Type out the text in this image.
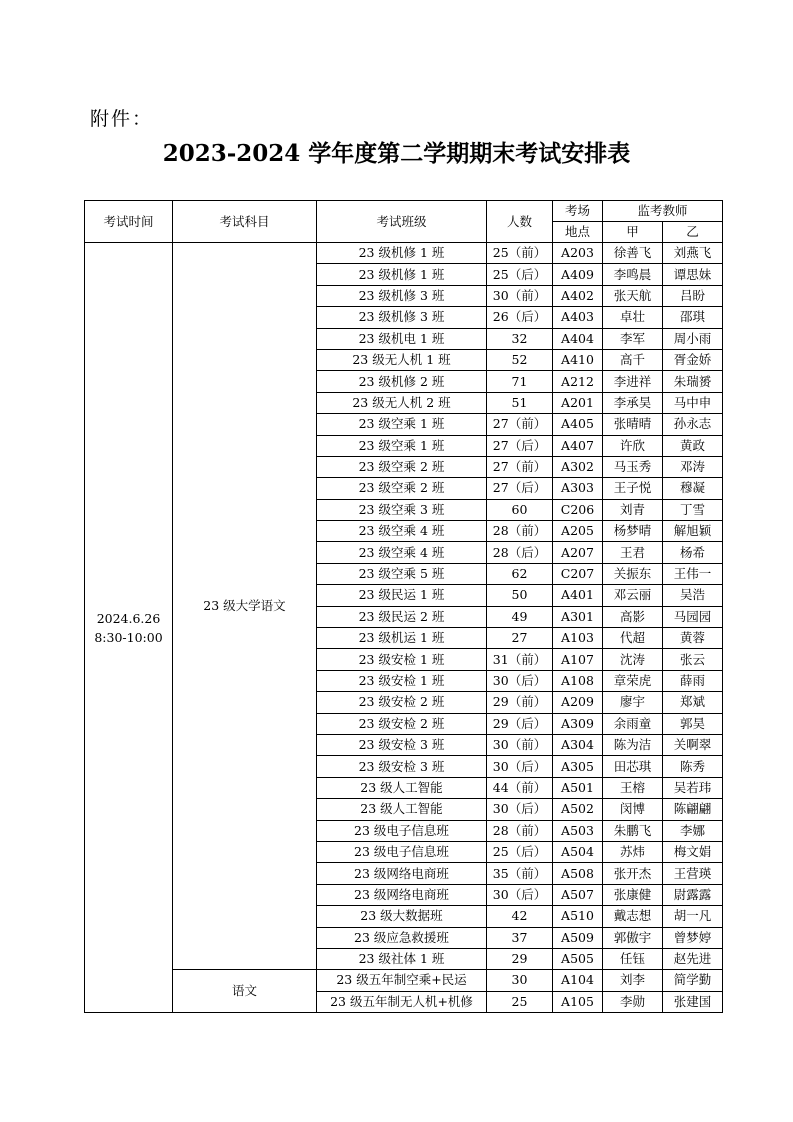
附件：
2023-2024 学年度第二学期期末考试安排表
考试时间	考试科目	考试班级	人数	考场	监考教师	
				地点	甲	乙

2024.6.26
8:30-10:00	23 级大学语文	23 级机修 1 班	25（前）	A203	徐善飞	刘燕飞
		23 级机修 1 班	25（后）	A409	李鸣晨	谭思妹
		23 级机修 3 班	30（前）	A402	张天航	吕盼
		23 级机修 3 班	26（后）	A403	卓壮	邵琪
		23 级机电 1 班	32	A404	李军	周小雨
		23 级无人机 1 班	52	A410	高千	胥金娇
		23 级机修 2 班	71	A212	李进祥	朱瑞赟
		23 级无人机 2 班	51	A201	李承昊	马中申
		23 级空乘 1 班	27（前）	A405	张晴晴	孙永志
		23 级空乘 1 班	27（后）	A407	许欣	黄政
		23 级空乘 2 班	27（前）	A302	马玉秀	邓涛
		23 级空乘 2 班	27（后）	A303	王子悦	穆凝
		23 级空乘 3 班	60	C206	刘青	丁雪
		23 级空乘 4 班	28（前）	A205	杨梦晴	解旭颖
		23 级空乘 4 班	28（后）	A207	王君	杨希
		23 级空乘 5 班	62	C207	关振东	王伟一
		23 级民运 1 班	50	A401	邓云丽	吴浩
		23 级民运 2 班	49	A301	高影	马园园
		23 级机运 1 班	27	A103	代超	黄蓉
		23 级安检 1 班	31（前）	A107	沈涛	张云
		23 级安检 1 班	30（后）	A108	章荣虎	薛雨
		23 级安检 2 班	29（前）	A209	廖宇	郑斌
		23 级安检 2 班	29（后）	A309	余雨童	郭昊
		23 级安检 3 班	30（前）	A304	陈为洁	关啊翠
		23 级安检 3 班	30（后）	A305	田芯琪	陈秀
		23 级人工智能	44（前）	A501	王榕	吴若玮
		23 级人工智能	30（后）	A502	闵博	陈翩翩
		23 级电子信息班	28（前）	A503	朱鹏飞	李娜
		23 级电子信息班	25（后）	A504	苏炜	梅文娟
		23 级网络电商班	35（前）	A508	张开杰	王营瑛
		23 级网络电商班	30（后）	A507	张康健	尉露露
		23 级大数据班	42	A510	戴志想	胡一凡
		23 级应急救援班	37	A509	郭傲宇	曾梦婷
		23 级社体 1 班	29	A505	任钰	赵先进
	语文	23 级五年制空乘+民运	30	A104	刘李	简学勤
		23 级五年制无人机+机修	25	A105	李勋	张建国
